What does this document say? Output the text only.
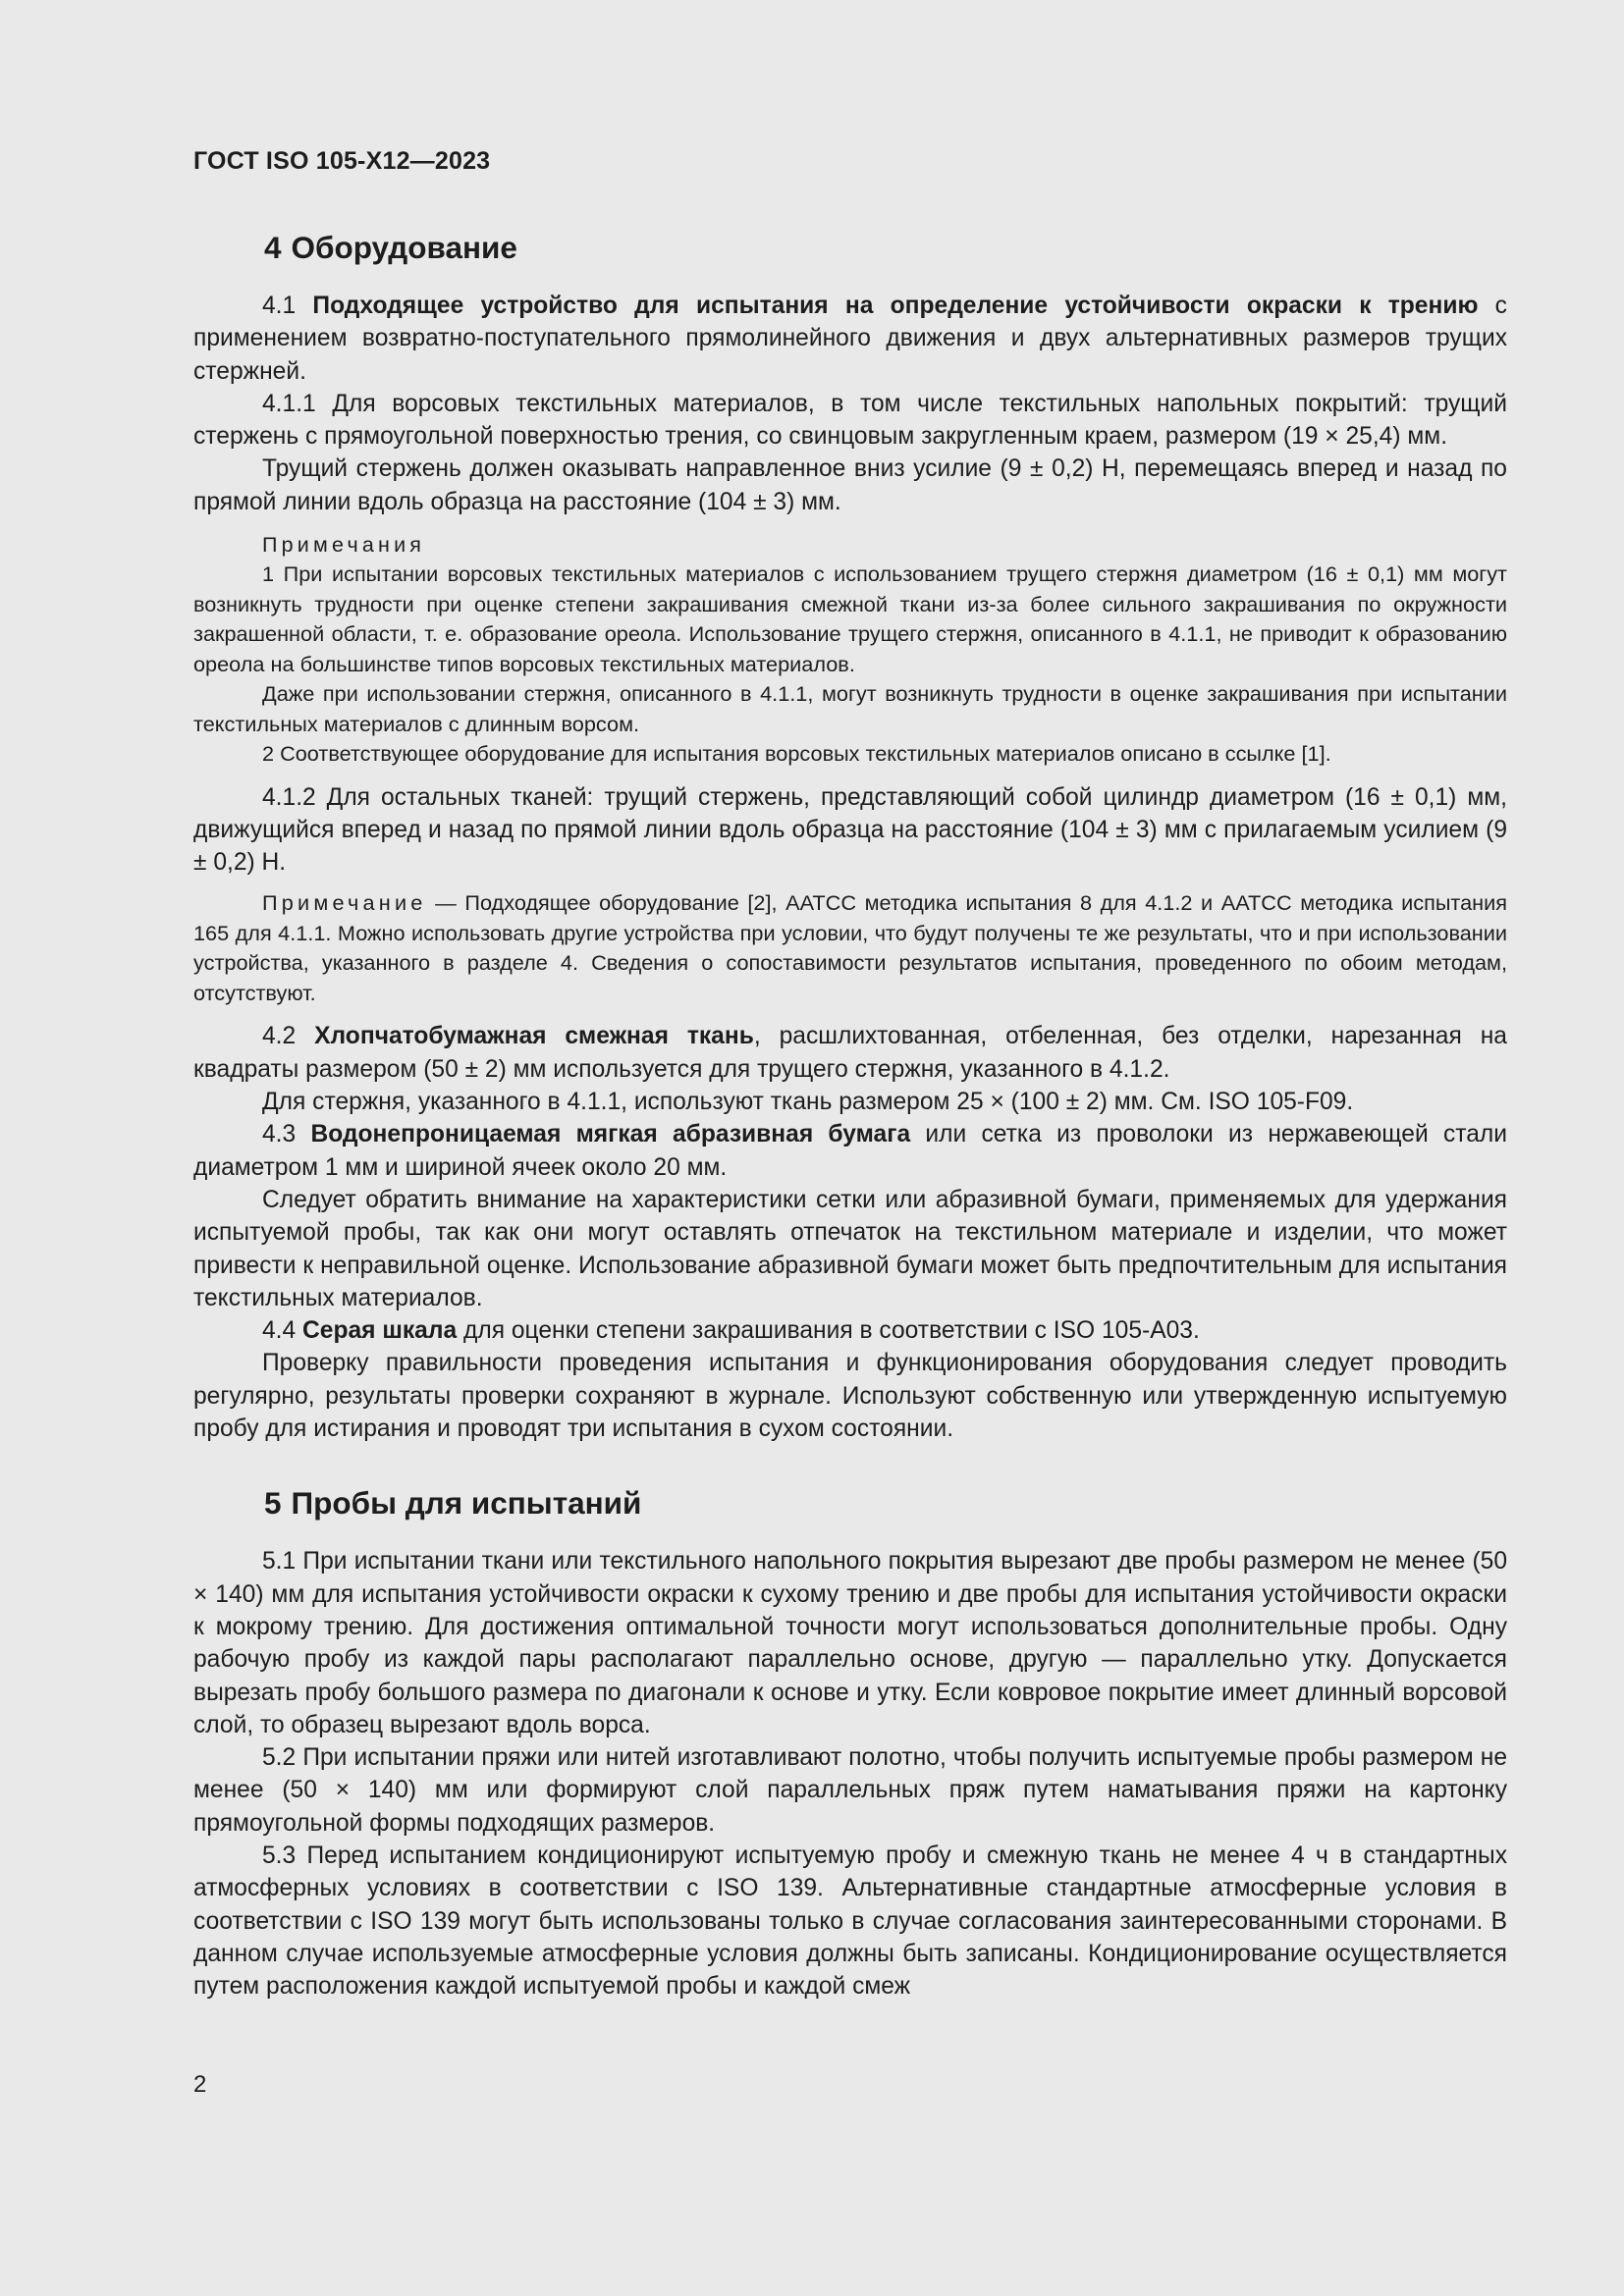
ГОСТ ISO 105-X12—2023
4 Оборудование

4.1 Подходящее устройство для испытания на определение устойчивости окраски к трению с применением возвратно-поступательного прямолинейного движения и двух альтернативных размеров трущих стержней.

4.1.1 Для ворсовых текстильных материалов, в том числе текстильных напольных покрытий: трущий стержень с прямоугольной поверхностью трения, со свинцовым закругленным краем, размером (19 × 25,4) мм.

Трущий стержень должен оказывать направленное вниз усилие (9 ± 0,2) Н, перемещаясь вперед и назад по прямой линии вдоль образца на расстояние (104 ± 3) мм.

Примечания

1 При испытании ворсовых текстильных материалов с использованием трущего стержня диаметром (16 ± 0,1) мм могут возникнуть трудности при оценке степени закрашивания смежной ткани из-за более сильного закрашивания по окружности закрашенной области, т. е. образование ореола. Использование трущего стержня, описанного в 4.1.1, не приводит к образованию ореола на большинстве типов ворсовых текстильных материалов.

Даже при использовании стержня, описанного в 4.1.1, могут возникнуть трудности в оценке закрашивания при испытании текстильных материалов с длинным ворсом.

2 Соответствующее оборудование для испытания ворсовых текстильных материалов описано в ссылке [1].

4.1.2 Для остальных тканей: трущий стержень, представляющий собой цилиндр диаметром (16 ± 0,1) мм, движущийся вперед и назад по прямой линии вдоль образца на расстояние (104 ± 3) мм с прилагаемым усилием (9 ± 0,2) Н.

Примечание — Подходящее оборудование [2], AATCC методика испытания 8 для 4.1.2 и AATCC методика испытания 165 для 4.1.1. Можно использовать другие устройства при условии, что будут получены те же результаты, что и при использовании устройства, указанного в разделе 4. Сведения о сопоставимости результатов испытания, проведенного по обоим методам, отсутствуют.

4.2 Хлопчатобумажная смежная ткань, расшлихтованная, отбеленная, без отделки, нарезанная на квадраты размером (50 ± 2) мм используется для трущего стержня, указанного в 4.1.2.

Для стержня, указанного в 4.1.1, используют ткань размером 25 × (100 ± 2) мм. См. ISO 105-F09.

4.3 Водонепроницаемая мягкая абразивная бумага или сетка из проволоки из нержавеющей стали диаметром 1 мм и шириной ячеек около 20 мм.

Следует обратить внимание на характеристики сетки или абразивной бумаги, применяемых для удержания испытуемой пробы, так как они могут оставлять отпечаток на текстильном материале и изделии, что может привести к неправильной оценке. Использование абразивной бумаги может быть предпочтительным для испытания текстильных материалов.

4.4 Серая шкала для оценки степени закрашивания в соответствии с ISO 105-A03.

Проверку правильности проведения испытания и функционирования оборудования следует проводить регулярно, результаты проверки сохраняют в журнале. Используют собственную или утвержденную испытуемую пробу для истирания и проводят три испытания в сухом состоянии.

5 Пробы для испытаний

5.1 При испытании ткани или текстильного напольного покрытия вырезают две пробы размером не менее (50 × 140) мм для испытания устойчивости окраски к сухому трению и две пробы для испытания устойчивости окраски к мокрому трению. Для достижения оптимальной точности могут использоваться дополнительные пробы. Одну рабочую пробу из каждой пары располагают параллельно основе, другую — параллельно утку. Допускается вырезать пробу большого размера по диагонали к основе и утку. Если ковровое покрытие имеет длинный ворсовой слой, то образец вырезают вдоль ворса.

5.2 При испытании пряжи или нитей изготавливают полотно, чтобы получить испытуемые пробы размером не менее (50 × 140) мм или формируют слой параллельных пряж путем наматывания пряжи на картонку прямоугольной формы подходящих размеров.

5.3 Перед испытанием кондиционируют испытуемую пробу и смежную ткань не менее 4 ч в стандартных атмосферных условиях в соответствии с ISO 139. Альтернативные стандартные атмосферные условия в соответствии с ISO 139 могут быть использованы только в случае согласования заинтересованными сторонами. В данном случае используемые атмосферные условия должны быть записаны. Кондиционирование осуществляется путем расположения каждой испытуемой пробы и каждой смеж

2
